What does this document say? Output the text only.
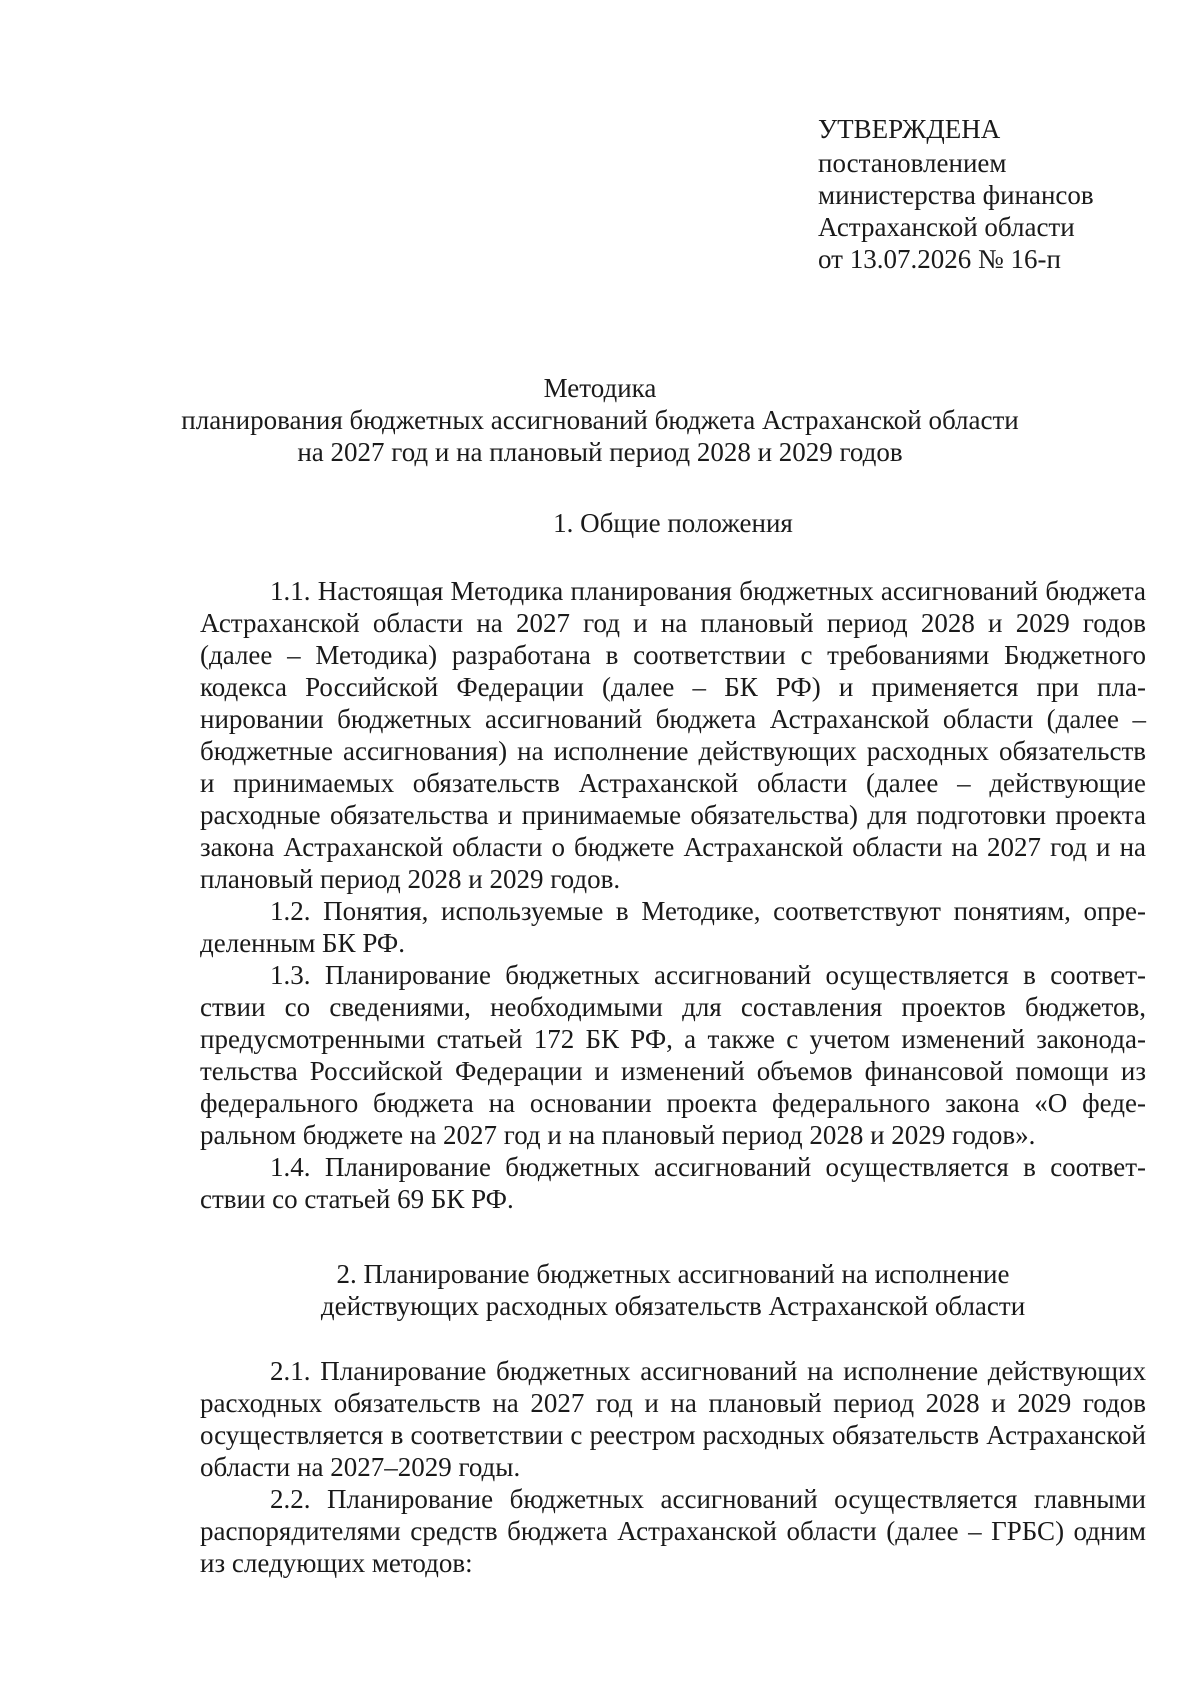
УТВЕРЖДЕНА
постановлением
министерства финансов
Астраханской области
от 13.07.2026 № 16-п
Методика
планирования бюджетных ассигнований бюджета Астраханской области
на 2027 год и на плановый период 2028 и 2029 годов

1. Общие положения

1.1. Настоящая Методика планирования бюджетных ассигнований бюджета Астраханской области на 2027 год и на плановый период 2028 и 2029 годов (далее – Методика) разработана в соответствии с требованиями Бюджетного кодекса Российской Федерации (далее – БК РФ) и применяется при планировании бюджетных ассигнований бюджета Астраханской области (далее – бюджетные ассигнования) на исполнение действующих расходных обязательств и принимаемых обязательств Астраханской области (далее – действующие расходные обязательства и принимаемые обязательства) для подготовки проекта закона Астраханской области о бюджете Астраханской области на 2027 год и на плановый период 2028 и 2029 годов.

1.2. Понятия, используемые в Методике, соответствуют понятиям, определенным БК РФ.

1.3. Планирование бюджетных ассигнований осуществляется в соответствии со сведениями, необходимыми для составления проектов бюджетов, предусмотренными статьей 172 БК РФ, а также с учетом изменений законодательства Российской Федерации и изменений объемов финансовой помощи из федерального бюджета на основании проекта федерального закона «О федеральном бюджете на 2027 год и на плановый период 2028 и 2029 годов».

1.4. Планирование бюджетных ассигнований осуществляется в соответствии со статьей 69 БК РФ.

2. Планирование бюджетных ассигнований на исполнение

действующих расходных обязательств Астраханской области

2.1. Планирование бюджетных ассигнований на исполнение действующих расходных обязательств на 2027 год и на плановый период 2028 и 2029 годов осуществляется в соответствии с реестром расходных обязательств Астраханской области на 2027–2029 годы.

2.2. Планирование бюджетных ассигнований осуществляется главными распорядителями средств бюджета Астраханской области (далее – ГРБС) одним из следующих методов:
